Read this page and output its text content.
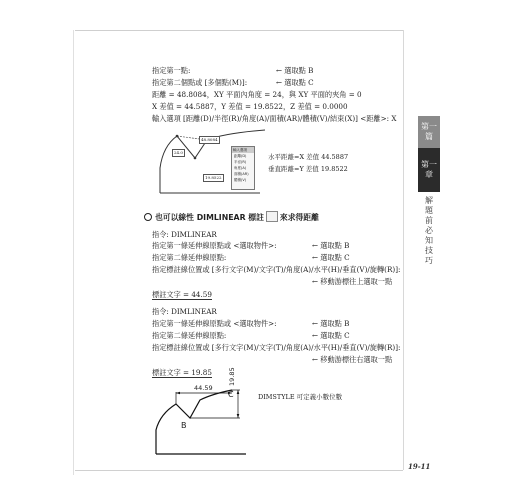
指定第一點:	← 選取點 B
指定第二個點或 [多個點(M)]:	← 選取點 C
距離 = 48.8084，XY 平面內角度 = 24，與 XY 平面的夾角 = 0
X 差值 = 44.5887，Y 差值 = 19.8522，Z 差值 = 0.0000
輸入選項 [距離(D)/半徑(R)/角度(A)/面積(AR)/體積(V)/結束(X)] <距離>: X
48.8084
24.0
19.8522
輸入選項
距離(D)
半徑(R)
角度(A)
面積(AR)
體積(V)
水平距離=X 差值 44.5887
垂直距離=Y 差值 19.8522
也可以線性 DIMLINEAR 標註 來求得距離
指令: DIMLINEAR
指定第一條延伸線原點或 <選取物件>:	← 選取點 B
指定第二條延伸線原點:	← 選取點 C
指定標註線位置或 [多行文字(M)/文字(T)/角度(A)/水平(H)/垂直(V)/旋轉(R)]:
← 移動游標往上選取一點
標註文字 = 44.59
指令: DIMLINEAR
指定第一條延伸線原點或 <選取物件>:	← 選取點 B
指定第二條延伸線原點:	← 選取點 C
指定標註線位置或 [多行文字(M)/文字(T)/角度(A)/水平(H)/垂直(V)/旋轉(R)]:
← 移動游標往右選取一點
標註文字 = 19.85
44.59
19.85
C
B
DIMSTYLE 可定義小數位數
第一篇
第一章
解題前必知技巧
19-11
